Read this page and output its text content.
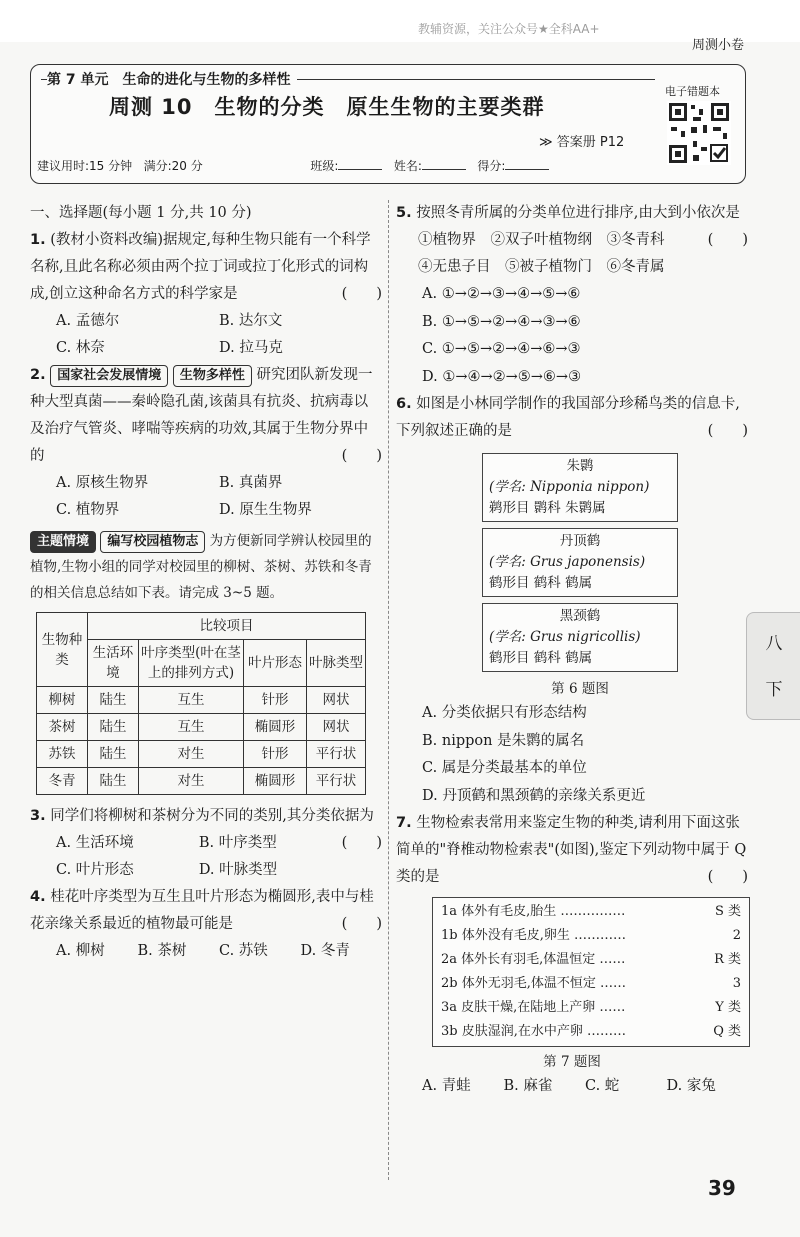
教辅资源，关注公众号★全科AA+
周测小卷
第 7 单元　生命的进化与生物的多样性
周测 10　生物的分类　原生生物的主要类群
≫ 答案册 P12
建议用时:15 分钟 满分:20 分	班级:	姓名:	得分:
电子错题本
八
下

一、选择题(每小题 1 分,共 10 分)

1. (教材小资料改编)据规定,每种生物只能有一个科学名称,且此名称必须由两个拉丁词或拉丁化形式的词构成,创立这种命名方式的科学家是	(　　)

A. 孟德尔	B. 达尔文
C. 林奈	D. 拉马克

2. 国家社会发展情境 生物多样性 研究团队新发现一种大型真菌——秦岭隐孔菌,该菌具有抗炎、抗病毒以及治疗气管炎、哮喘等疾病的功效,其属于生物分界中的	(　　)

A. 原核生物界	B. 真菌界
C. 植物界	D. 原生生物界

主题情境 编写校园植物志 为方便新同学辨认校园里的植物,生物小组的同学对校园里的柳树、茶树、苏铁和冬青的相关信息总结如下表。请完成 3~5 题。

生物种类	比较项目			
	生活环境	叶序类型(叶在茎上的排列方式)	叶片形态	叶脉类型
柳树	陆生	互生	针形	网状
茶树	陆生	互生	椭圆形	网状
苏铁	陆生	对生	针形	平行状
冬青	陆生	对生	椭圆形	平行状

3. 同学们将柳树和茶树分为不同的类别,其分类依据为
(　　)

A. 生活环境	B. 叶序类型
C. 叶片形态	D. 叶脉类型

4. 桂花叶序类型为互生且叶片形态为椭圆形,表中与桂花亲缘关系最近的植物最可能是	(　　)

A. 柳树	B. 茶树	C. 苏铁	D. 冬青

5. 按照冬青所属的分类单位进行排序,由大到小依次是
(　　)

①植物界　②双子叶植物纲　③冬青科

④无患子目　⑤被子植物门　⑥冬青属

A. ①→②→③→④→⑤→⑥
B. ①→⑤→②→④→③→⑥
C. ①→⑤→②→④→⑥→③
D. ①→④→②→⑤→⑥→③

6. 如图是小林同学制作的我国部分珍稀鸟类的信息卡,下列叙述正确的是	(　　)

朱鹮
(学名: Nipponia nippon)
鹈形目 鹮科 朱鹮属
丹顶鹤
(学名: Grus japonensis)
鹤形目 鹤科 鹤属
黑颈鹤
(学名: Grus nigricollis)
鹤形目 鹤科 鹤属
第 6 题图
A. 分类依据只有形态结构
B. nippon 是朱鹮的属名
C. 属是分类最基本的单位
D. 丹顶鹤和黑颈鹤的亲缘关系更近

7. 生物检索表常用来鉴定生物的种类,请利用下面这张简单的"脊椎动物检索表"(如图),鉴定下列动物中属于 Q 类的是	(　　)

1a 体外有毛皮,胎生 ……………	S 类
1b 体外没有毛皮,卵生 …………	2
2a 体外长有羽毛,体温恒定 ……	R 类
2b 体外无羽毛,体温不恒定 ……	3
3a 皮肤干燥,在陆地上产卵 ……	Y 类
3b 皮肤湿润,在水中产卵 ………	Q 类
第 7 题图
A. 青蛙	B. 麻雀	C. 蛇	D. 家兔
39
